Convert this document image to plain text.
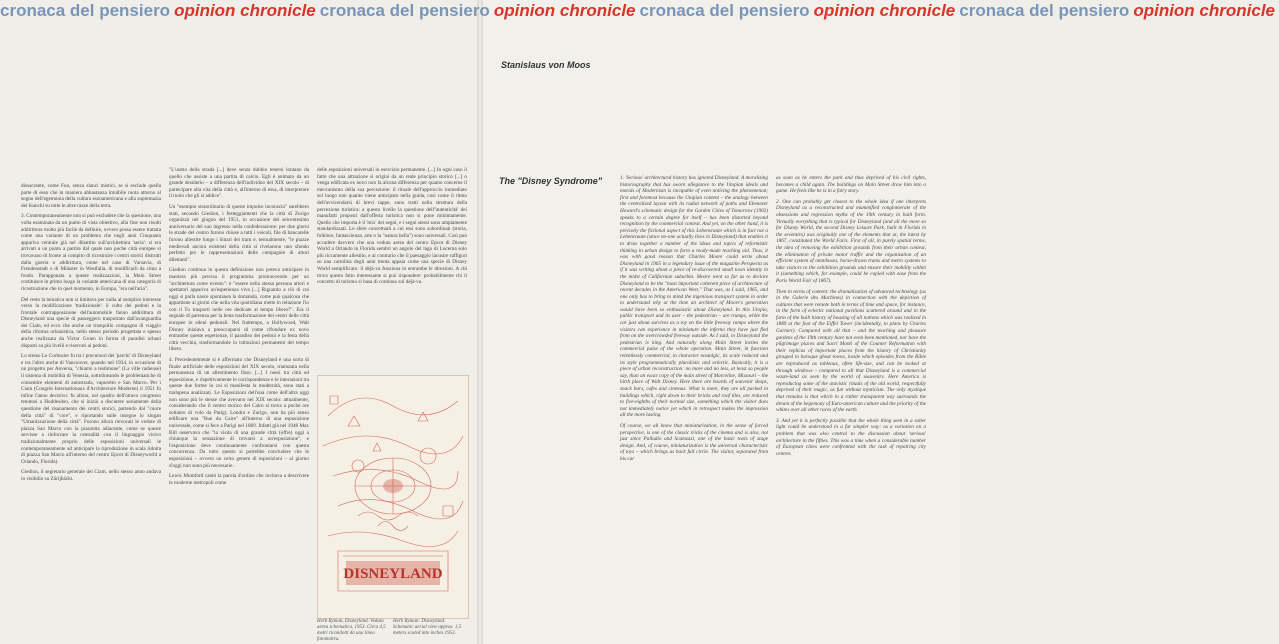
cronaca del pensiero opinion chronicle cronaca del pensiero opinion chronicle cronaca del pensiero opinion chronicle cronaca del pensiero opinion chronicle
Stanislaus von Moos
The "Disney Syndrome"

dissacrante, come Fun, senza slanci mistici, se si esclude quella parte di esso che in maniera abbastanza intuibile ruota attorno al sogno dell'egemonia della cultura euroamericana e alla supremazia dei bianchi su tutte le altre razze della terra.

3. Contemporaneamente non si può escludere che la questione, una volta esaminata da un punto di vista obiettivo, alla fine non risulti addirittura molto più facile da definire, ovvero possa essere trattata come una variante di un problema che negli anni Cinquanta appariva centrale già nel dibattito sull'architettura 'seria': si era arrivati a un punto a partire dal quale non poche città europee si trovavano di fronte al compito di ricostruire i centri storici distrutti dalla guerra o addirittura, come nel caso di Varsavia, di Freudenstadt o di Münster in Westfalia, di modificarli da cima a fondo. Parapgonata a queste realizzazioni, la Main Street costituisce in primo luogo la variante americana di una categoria di ricostruzione che in quel momento, in Europa, "era nell'aria".

Del resto la tematica non si limitava per nulla al semplice interesse verso la modificazione 'tradizionale': il culto dei pedoni e la frontale contrapposizione dell'automobile fanno addirittura di Disneyland una specie di passeggero trasportato dall'avanguardia dei Ciam, ed ecco che anche un tranquillo compagno di viaggio della riforma urbanistica, nello stesso periodo progettata e spesso anche realizzata da Victor Gruen in forma di paradisi urbani disposti su più livelli e riservati ai pedoni.

Lo stesso Le Corbusier fu tra i precursori dei 'parchi' di Disneyland e tra l'altro anche di Vancouver, quando nel 1934, in occasione di un progetto per Anversa, "chiamò a testimone" (La ville radieuse) il sistema di mobilità di Venezia, sottolineando le problematiche di consentire elementi di autostrada, vaporetto e San Marco. Per i Ciam (Congrès Internationaux d'Architecture Moderne) il 1951 fu infine l'anno decisivo: fu allora, nel quadro dell'ottavo congresso tenutosi a Hoddesdon, che si iniziò a discutere seriamente della questione del risanamento dei centri storici, partendo dal "cuore della città" di "core", e riportando sulle insegne lo slogan "Umanizzazione della città". Furono allora rievocati le vedute di piazza San Marco con la piazzetta adiacente, come se queste servisse a rinforzare la centralità con il linguaggio visivo tradizionalmente proprio delle esposizioni universali le contemporaneamente ad anticipare la riproduzione in scala ridotta di piazza San Marco all'interno del centro Epcot di Disneyworld a Orlando, Florida).

Giedion, il segretario generale dei Ciam, nello stesso anno andava in visibilio su Zürijbäckt.

"L'uomo della strada [...] deve senza dubbio tenersi lontano da quello che assiste a una partita di calcio. Egli è animato da un grande desiderio – a differenza dell'individuo del XIX secolo – di partecipare alla vita della città e, all'interno di essa, di interpretare il ruolo che gli si addice".

Un "esempio straordinario di queste impulso inconscio" sarebbero stati, secondo Giedion, i festeggiamenti che la città di Zurigo organizzò nel giugno del 1951, in occasione del seicentesimo anniversario del suo ingresso nella confederazione: per due giorni le strade del centro furono chiuse a tutti i veicoli, file di bancarelle furono allestite lungo i binari dei tram e, testualmente, "le piazze medievali ancora esistenti della città si rivelarono uno sfondo perfetto per le rappresentazioni delle compagnie di attori dilettanti".

Giedion continua in questa definizione non poteva anticipare in maniera più precisa il programma promuovendo per un "architettura come evento": è "essere nella stessa persona attori e spettatori appariva un'esperienza viva [...] Riguardo a ciò di cui oggi si parla nasce spontanea la domanda, come può qualcosa che appartiene ai giorni che nella vita quotidiana mette in relazione l'io con il Tu trasporti nelle ore dedicate al tempo libero?". Era il segnale di partenza per la lenta trasformazione dei centri delle città europee in edeni pedonali. Nel frattempo, a Hollywood, Walt Disney iniziava a preoccuparsi di come rifondare ex novo entrambe queste esperienze, il paradiso dei pedoni e la festa della città vecchia, trasformandole in istituzioni permanenti del tempo libero.

4. Precedentemente si è affermato che Disneyland è una sorta di finale artificiale delle esposizioni del XIX secolo, tramutata nella permanenza di un allestimento fisso. [...] I nessi tra città ed esposizione, e rispettivamente le corrispondenze e le interazioni tra queste due forme in cui si manifesta la modernità, sono stati a malapena analizzati. Le Esposizioni dell'una come dell'altra oggi non sono più le stesse che avevano nel XIX secolo: attualmente, considerando che il centro storico del Cairo si trova a poche ore soltanto di volo da Parigi, Londra e Zurigo, non ha più senso edificare una "Rue du Caire" all'interno di una esposizione universale, come si fece a Parigi nel 1889. Infatti già nel 1948 Max Bill osservava che "la visita di una grande città (offre) oggi a chiunque la sensazione di trovarsi a un'esposizione", e l'esposizione deve continuamente confrontarsi con questa concorrenza. Da tutto questo si potrebbe concludere che le esposizioni – ovvero un certo genere di esposizioni – al giorno d'oggi non sono più necessarie.

Lewis Mumford cantò la parola d'ordine che invitava a descrivere le moderne metropoli come

delle esposizioni universali in esercizio permanente. [...] In ogni caso il fatto che una attrazione si origini da un reale principio storico [...] o venga edificata ex novo non fa alcuna differenza per quanto concerne il meccanismo della sua percezione: il rituale dell'approccio immediato sul luogo non quanto viene anticipato nella guida, così come il ritmo dell'avvicendarsi di brevi tappe, sono tratti nella struttura della percezione turistica: a questo livello la questione dell''autenticità' dei manufatti proposti dall'offerta turistica non si pone minimamente. Quello che importa è il 'mix' dei segni, e i segni stessi sono ampiamente standardizzati. Le sfere concettuali a cui essi sono subordinati (storia, folklore, fantascienza, arte o la "natura bella") sono universali. Così può accadere davvero che una veduta aerea del centro Epcot di Disney World a Orlando in Florida sembri un angolo del lago di Lucerna solo più riccamente allestito, e al contrario che il paesaggio lacustre raffiguri su una cartolina degli anni trenta appaia come una specie di Disney World semplificato: il déjà-vu funziona in entrambe le direzioni. A chi trova questo fatto interessante si può rispondere: probabilmente chi il concetto di turismo si basa di continuo sul déjà-vu.

DISNEYLAND
Herb Ryman, Disneyland. Veduta aerea schematica, 1953. Circa 4,5 metri ricondotti da una linea fotomotiva.
Herb Ryman: Disneyland. Schematic aerial view approx. 1,5 meters scaled into inches 1953.

1. 'Serious' architectural history has ignored Disneyland. A moralizing historiography that has sworn allegiance to the Utopian ideals and morals of Modernism is incapable of even noticing the phenomenon; first and foremost because the Utopian content – the analogy between the centralized layout with its radial network of paths and Ebenezer Howard's schematic design for the Garden Cities of Tomorrow (1902) speaks to a certain degree for itself – has been distorted beyond recognition by the commercial context. And yet, on the other hand, it is precisely the fictional aspect of this Lebensraum which is in fact not a Lebensraum (since no-one actually lives in Disneyland) that enables it to draw together a number of the ideas and topics of reformistic thinking in urban design to form a ready-made teaching aid. Thus, it was with good reason that Charles Moore could write about Disneyland in 1965 in a legendary issue of the magazine Perspecta as if it was writing about a piece of re-discovered small town identity in the midst of Californian suburbia. Moore went so far as to declare Disneyland to be the "most important coherent piece of architecture of recent decades in the American West." That was, as I said, 1965, and one only has to bring to mind the ingenious transport system in order to understand why at the time an architect of Moore's generation would have been so enthusiastic about Disneyland. In this Utopia, public transport and its user – the pedestrian – are trumps, while the car just about survives as a toy on the little freeway ramps where the visitors can experience in miniature the inferno they have just fled from on the overcrowded freeway outside. As I said, in Disneyland the pedestrian is king. And naturally along Main Street invites the commercial pulse of the whole operation. Main Street, in function relentlessly commercial, in character nostalgic, its scale reduced and its style programmatically pluralistic and eclectic. Basically, it is a piece of urban reconstruction: no more and no less, at least so people say, than an exact copy of the main street of Marceline, Missouri – the birth place of Walt Disney. Here there are hoards of souvenir shops, snack bars, cafes and cinemas. What is more, they are all packed in buildings which, right down to their bricks and roof tiles, are reduced to five-eighths of their normal size, something which the visitor does not immediately notice yet which in retrospect makes the impression all the more lasting.

Of course, we all know that miniaturization, in the sense of forced perspective, is one of the classic tricks of the cinema and is also, not just since Palladio and Scamozzi, one of the basic tools of stage design. And, of course, miniaturization is the universal characteristic of toys – which brings us back full circle. The visitor, separated from his car

as soon as he enters the park and thus deprived of his civil rights, becomes a child again. The buildings on Main Street draw him into a game. He feels like he is in a fairy story.

2. One can probably get closest to the whole idea if one interprets Disneyland as a reconstructed and mummified conglomerate of the obsessions and regression myths of the 19th century in built form. Virtually everything that is typical for Disneyland (and all the more so for Disney World, the second Disney Leisure Park, built in Florida in the seventies) was originally one of the elements that at, the latest by 1867, constituted the World Fairs. First of all, in purely spatial terms, the idea of removing the exhibition grounds from their urban context, the elimination of private motor traffic and the organization of an efficient system of omnibuses, horse-drawn trams and metro systems to take visitors to the exhibition grounds and ensure their mobility within it (something which, for example, could be copied with ease from the Paris World Fair of 1867).

Then in terms of content: the dramatisation of advanced technology (as in the Galerie des Machines) in connection with the depiction of cultures that were remote both in terms of time and space, for instance, in the form of eclectic national pavilions scattered around and in the form of the built history of housing of all nations which was realized in 1889 at the foot of the Eiffel Tower (incidentally, to plans by Charles Garnier). Compared with all that – and the teaching and pleasure gardens of the 19th century have not even been mentioned, nor have the pilgrimage places and Sacri Monti of the Counter Reformation with their replicas of important places from the history of Christianity grouped in baroque ghost towns, inside which episodes from the Bible are reproduced as tableaux, often life-size, and can be looked at through windows – compared to all that Disneyland is a commercial waste-land as seen by the world of souvenirs. Here America is reproducing some of the atavistic rituals of the old world, respectfully deprived of their magic, as fun without mysticism. The only mystique that remains is that which in a rather transparent way surrounds the dream of the hegemony of Euro-american culture and the priority of the whites over all other races of the earth.

3. And yet it is perfectly possible that the whole thing seen in a sober light could be understood in a far simpler way: as a variation on a problem that was also central to the discussion about 'serious' architecture in the fifties. This was a time when a considerable number of European cities were confronted with the task of repairing city centres
